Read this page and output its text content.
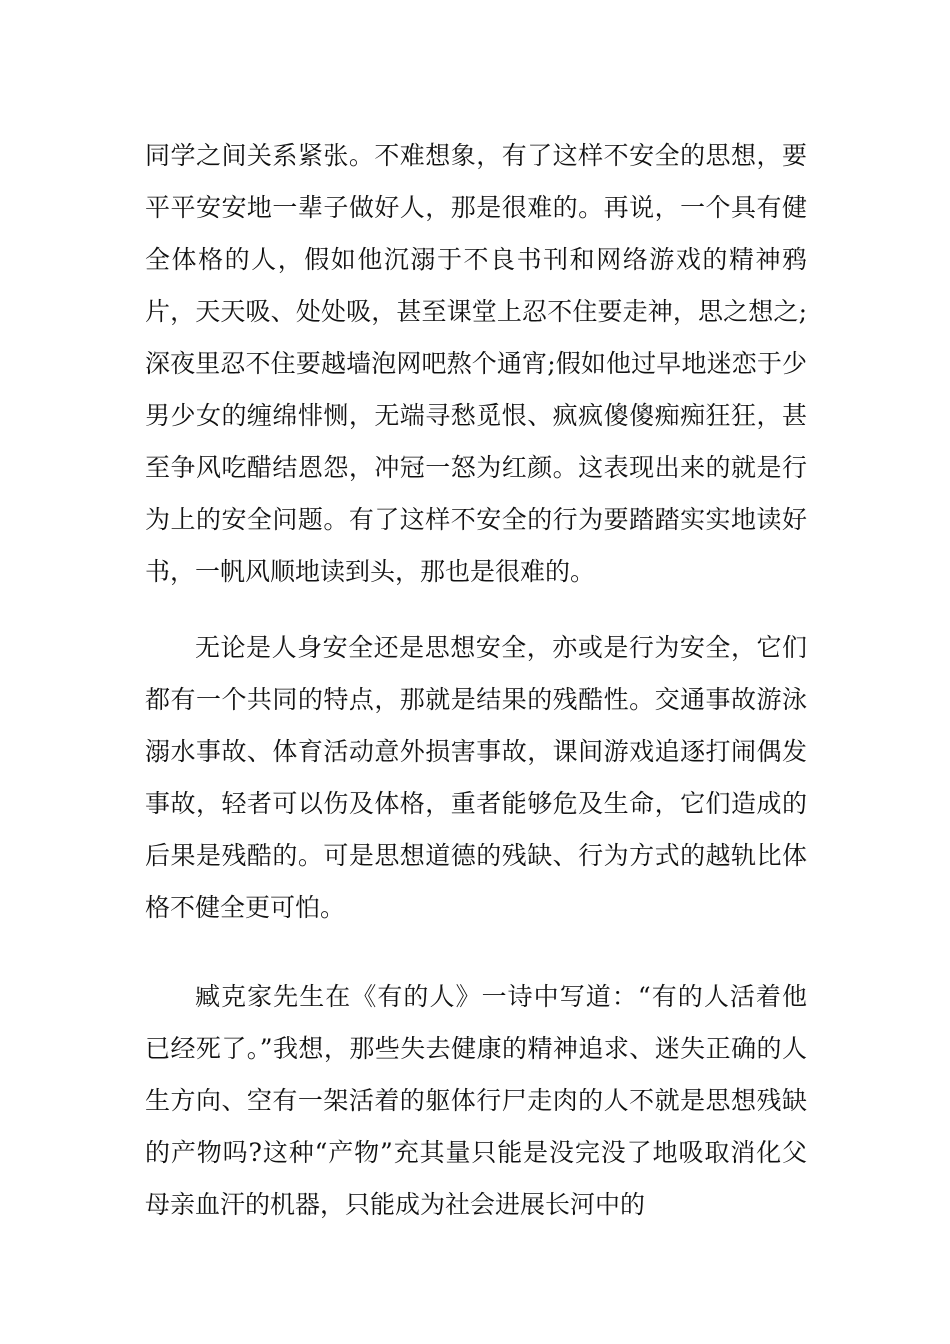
同学之间关系紧张。不难想象，有了这样不安全的思想，要平平安安地一辈子做好人，那是很难的。再说，一个具有健全体格的人，假如他沉溺于不良书刊和网络游戏的精神鸦片，天天吸、处处吸，甚至课堂上忍不住要走神，思之想之;深夜里忍不住要越墙泡网吧熬个通宵;假如他过早地迷恋于少男少女的缠绵悱恻，无端寻愁觅恨、疯疯傻傻痴痴狂狂，甚至争风吃醋结恩怨，冲冠一怒为红颜。这表现出来的就是行为上的安全问题。有了这样不安全的行为要踏踏实实地读好书，一帆风顺地读到头，那也是很难的。

无论是人身安全还是思想安全，亦或是行为安全，它们都有一个共同的特点，那就是结果的残酷性。交通事故游泳溺水事故、体育活动意外损害事故，课间游戏追逐打闹偶发事故，轻者可以伤及体格，重者能够危及生命，它们造成的后果是残酷的。可是思想道德的残缺、行为方式的越轨比体格不健全更可怕。

臧克家先生在《有的人》一诗中写道：“有的人活着他已经死了。”我想，那些失去健康的精神追求、迷失正确的人生方向、空有一架活着的躯体行尸走肉的人不就是思想残缺的产物吗?这种“产物”充其量只能是没完没了地吸取消化父母亲血汗的机器，只能成为社会进展长河中的
